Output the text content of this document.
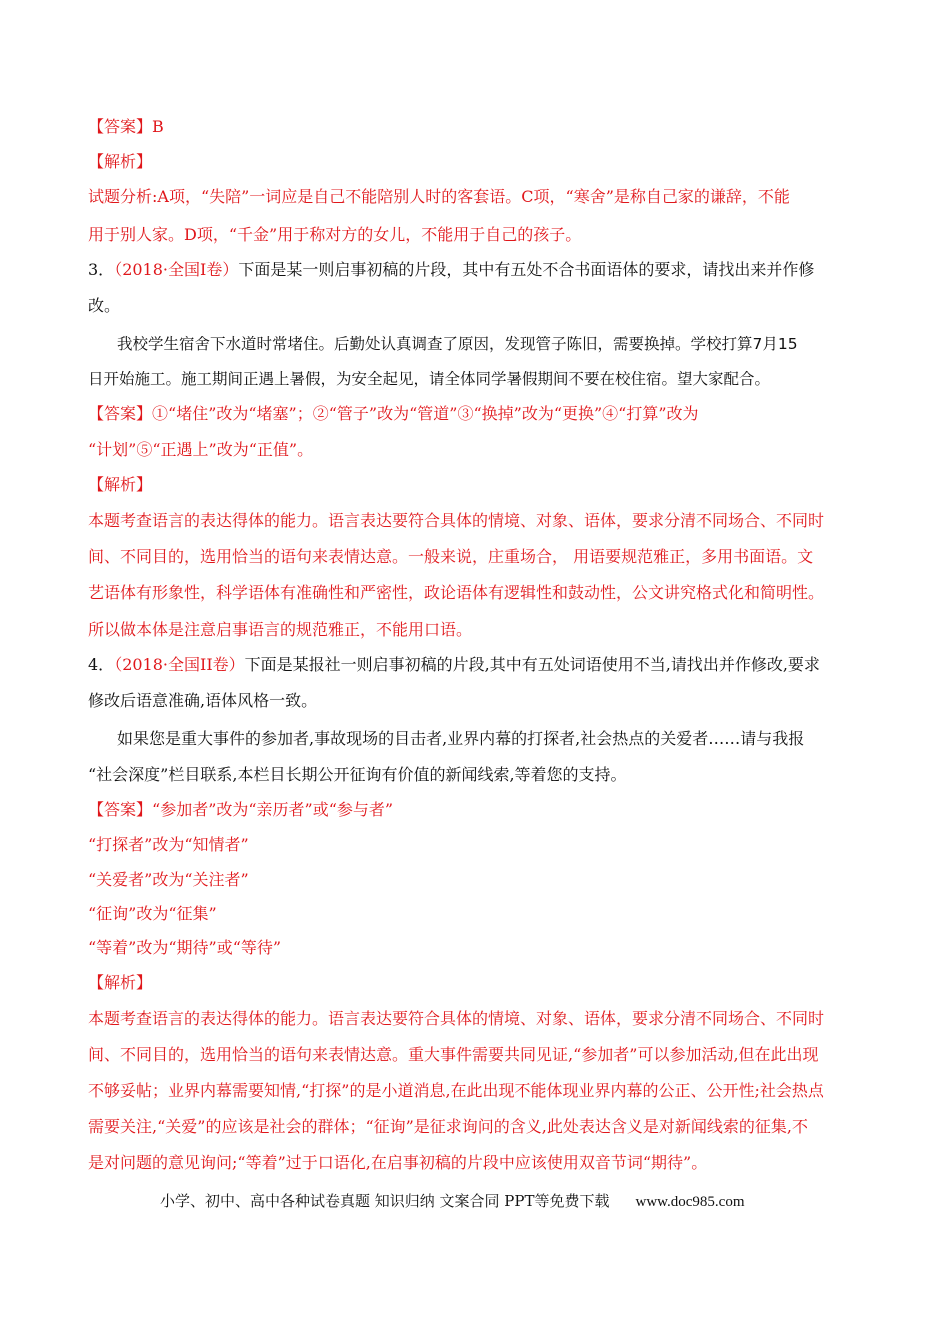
【答案】B
【解析】
试题分析:A项，“失陪”一词应是自己不能陪别人时的客套语。C项，“寒舍”是称自己家的谦辞，不能
用于别人家。D项，“千金”用于称对方的女儿，不能用于自己的孩子。
3．（2018·全国I卷）下面是某一则启事初稿的片段，其中有五处不合书面语体的要求，请找出来并作修
改。
我校学生宿舍下水道时常堵住。后勤处认真调查了原因，发现管子陈旧，需要换掉。学校打算7月15
日开始施工。施工期间正遇上暑假，为安全起见，请全体同学暑假期间不要在校住宿。望大家配合。
【答案】①“堵住”改为“堵塞”；②“管子”改为“管道”③“换掉”改为“更换”④“打算”改为
“计划”⑤“正遇上”改为“正值”。
【解析】
本题考查语言的表达得体的能力。语言表达要符合具体的情境、对象、语体，要求分清不同场合、不同时
间、不同目的，选用恰当的语句来表情达意。一般来说，庄重场合， 用语要规范雅正，多用书面语。文
艺语体有形象性，科学语体有准确性和严密性，政论语体有逻辑性和鼓动性，公文讲究格式化和简明性。
所以做本体是注意启事语言的规范雅正，不能用口语。
4．（2018·全国II卷）下面是某报社一则启事初稿的片段,其中有五处词语使用不当,请找出并作修改,要求
修改后语意准确,语体风格一致。
如果您是重大事件的参加者,事故现场的目击者,业界内幕的打探者,社会热点的关爱者……请与我报
“社会深度”栏目联系,本栏目长期公开征询有价值的新闻线索,等着您的支持。
【答案】“参加者”改为“亲历者”或“参与者”
“打探者”改为“知情者”
“关爱者”改为“关注者”
“征询”改为“征集”
“等着”改为“期待”或“等待”
【解析】
本题考查语言的表达得体的能力。语言表达要符合具体的情境、对象、语体，要求分清不同场合、不同时
间、不同目的，选用恰当的语句来表情达意。重大事件需要共同见证,“参加者”可以参加活动,但在此出现
不够妥帖；业界内幕需要知情,“打探”的是小道消息,在此出现不能体现业界内幕的公正、公开性;社会热点
需要关注,“关爱”的应该是社会的群体；“征询”是征求询问的含义,此处表达含义是对新闻线索的征集,不
是对问题的意见询问;“等着”过于口语化,在启事初稿的片段中应该使用双音节词“期待”。
小学、初中、高中各种试卷真题 知识归纳 文案合同 PPT等免费下载 www.doc985.com
